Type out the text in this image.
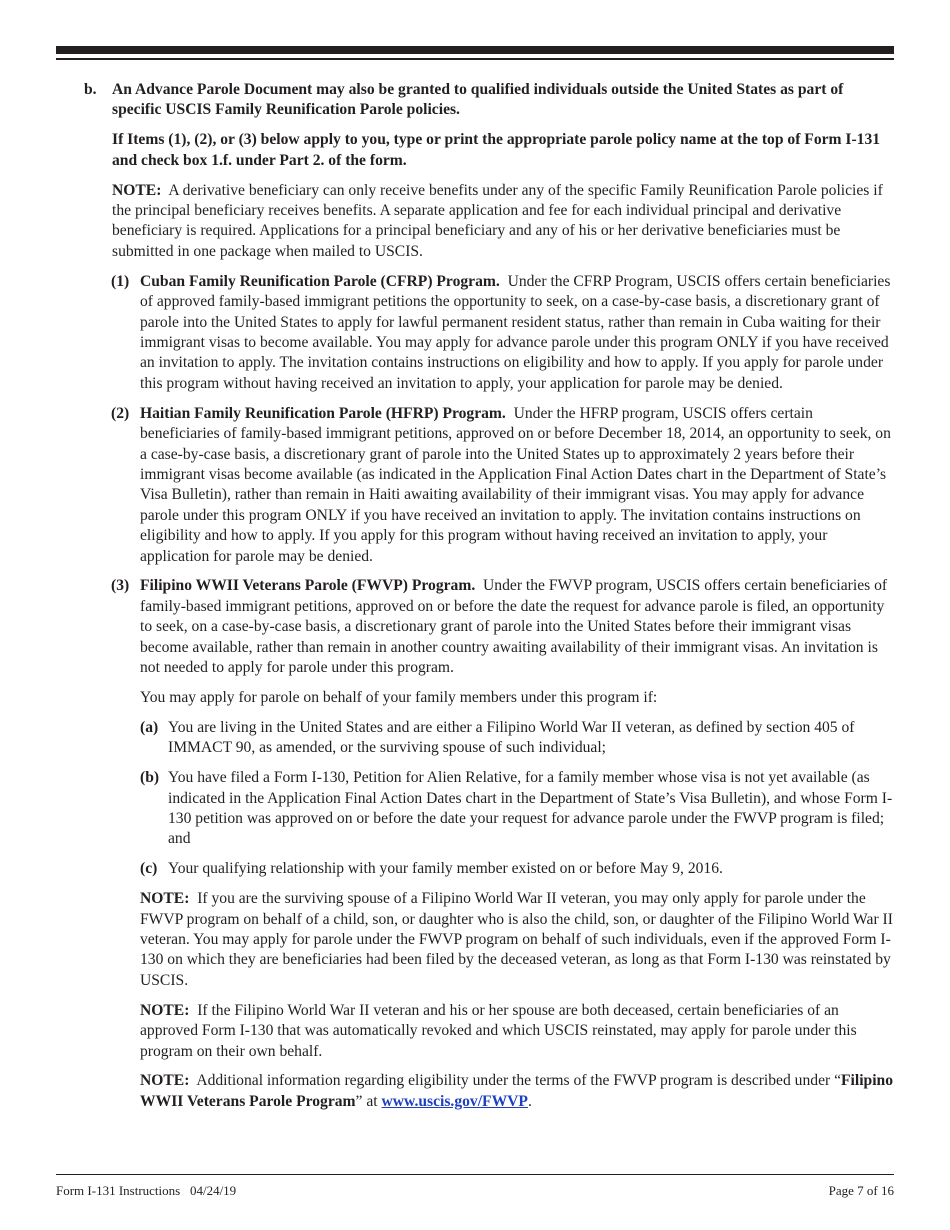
b. An Advance Parole Document may also be granted to qualified individuals outside the United States as part of specific USCIS Family Reunification Parole policies.

If Items (1), (2), or (3) below apply to you, type or print the appropriate parole policy name at the top of Form I-131 and check box 1.f. under Part 2. of the form.

NOTE: A derivative beneficiary can only receive benefits under any of the specific Family Reunification Parole policies if the principal beneficiary receives benefits. A separate application and fee for each individual principal and derivative beneficiary is required. Applications for a principal beneficiary and any of his or her derivative beneficiaries must be submitted in one package when mailed to USCIS.

(1) Cuban Family Reunification Parole (CFRP) Program. Under the CFRP Program, USCIS offers certain beneficiaries of approved family-based immigrant petitions the opportunity to seek, on a case-by-case basis, a discretionary grant of parole into the United States to apply for lawful permanent resident status, rather than remain in Cuba waiting for their immigrant visas to become available. You may apply for advance parole under this program ONLY if you have received an invitation to apply. The invitation contains instructions on eligibility and how to apply. If you apply for parole under this program without having received an invitation to apply, your application for parole may be denied.
(2) Haitian Family Reunification Parole (HFRP) Program. Under the HFRP program, USCIS offers certain beneficiaries of family-based immigrant petitions, approved on or before December 18, 2014, an opportunity to seek, on a case-by-case basis, a discretionary grant of parole into the United States up to approximately 2 years before their immigrant visas become available (as indicated in the Application Final Action Dates chart in the Department of State’s Visa Bulletin), rather than remain in Haiti awaiting availability of their immigrant visas. You may apply for advance parole under this program ONLY if you have received an invitation to apply. The invitation contains instructions on eligibility and how to apply. If you apply for this program without having received an invitation to apply, your application for parole may be denied.
(3) Filipino WWII Veterans Parole (FWVP) Program. Under the FWVP program, USCIS offers certain beneficiaries of family-based immigrant petitions, approved on or before the date the request for advance parole is filed, an opportunity to seek, on a case-by-case basis, a discretionary grant of parole into the United States before their immigrant visas become available, rather than remain in another country awaiting availability of their immigrant visas. An invitation is not needed to apply for parole under this program.

You may apply for parole on behalf of your family members under this program if:

(a) You are living in the United States and are either a Filipino World War II veteran, as defined by section 405 of IMMACT 90, as amended, or the surviving spouse of such individual;
(b) You have filed a Form I-130, Petition for Alien Relative, for a family member whose visa is not yet available (as indicated in the Application Final Action Dates chart in the Department of State’s Visa Bulletin), and whose Form I-130 petition was approved on or before the date your request for advance parole under the FWVP program is filed; and
(c) Your qualifying relationship with your family member existed on or before May 9, 2016.

NOTE: If you are the surviving spouse of a Filipino World War II veteran, you may only apply for parole under the FWVP program on behalf of a child, son, or daughter who is also the child, son, or daughter of the Filipino World War II veteran. You may apply for parole under the FWVP program on behalf of such individuals, even if the approved Form I-130 on which they are beneficiaries had been filed by the deceased veteran, as long as that Form I-130 was reinstated by USCIS.

NOTE: If the Filipino World War II veteran and his or her spouse are both deceased, certain beneficiaries of an approved Form I-130 that was automatically revoked and which USCIS reinstated, may apply for parole under this program on their own behalf.

NOTE: Additional information regarding eligibility under the terms of the FWVP program is described under “Filipino WWII Veterans Parole Program” at www.uscis.gov/FWVP.

Form I-131 Instructions   04/24/19	Page 7 of 16
